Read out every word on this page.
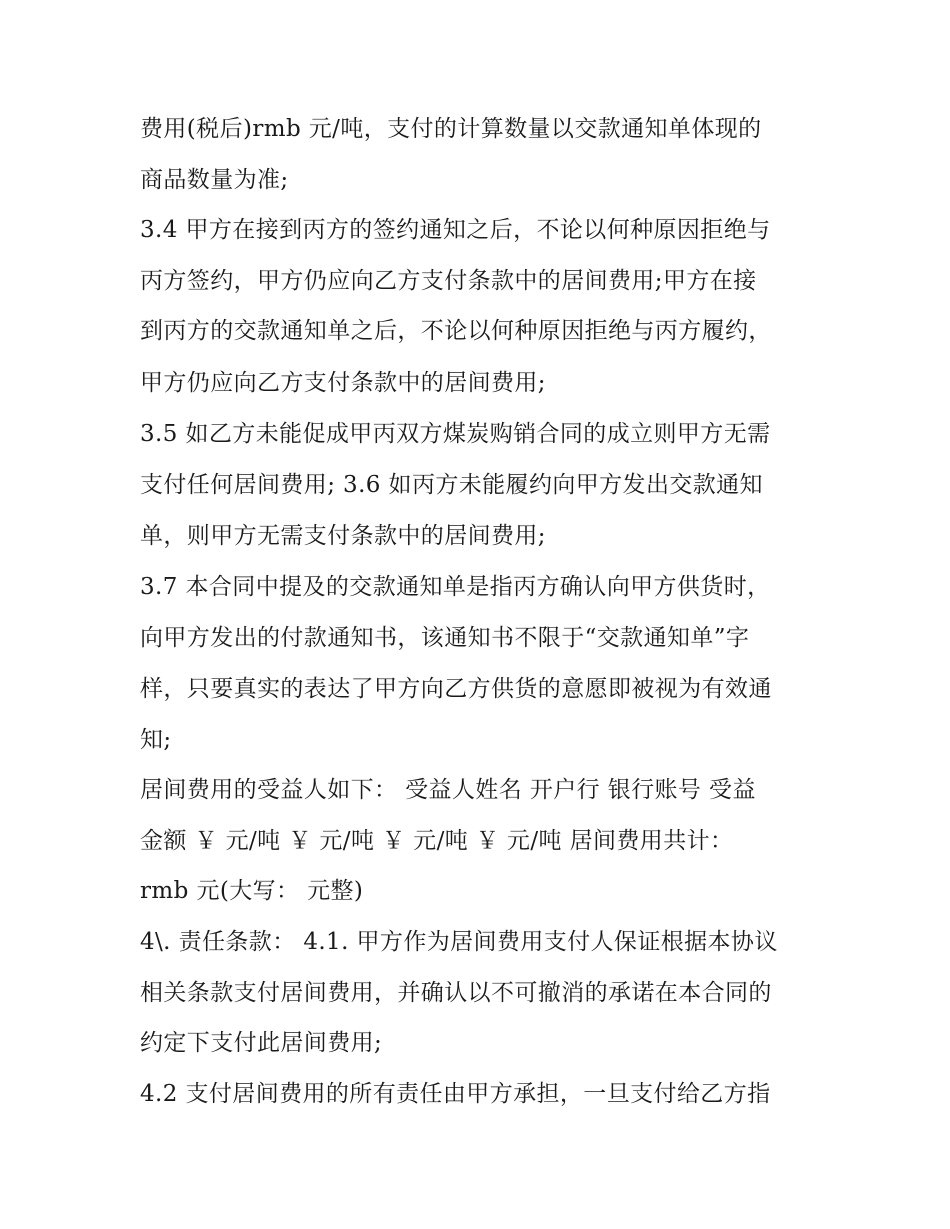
费用(税后)rmb 元/吨，支付的计算数量以交款通知单体现的
商品数量为准;
3.4 甲方在接到丙方的签约通知之后，不论以何种原因拒绝与
丙方签约，甲方仍应向乙方支付条款中的居间费用;甲方在接
到丙方的交款通知单之后，不论以何种原因拒绝与丙方履约，
甲方仍应向乙方支付条款中的居间费用;
3.5 如乙方未能促成甲丙双方煤炭购销合同的成立则甲方无需
支付任何居间费用; 3.6 如丙方未能履约向甲方发出交款通知
单，则甲方无需支付条款中的居间费用;
3.7 本合同中提及的交款通知单是指丙方确认向甲方供货时，
向甲方发出的付款通知书，该通知书不限于“交款通知单”字
样，只要真实的表达了甲方向乙方供货的意愿即被视为有效通
知;
居间费用的受益人如下： 受益人姓名 开户行 银行账号 受益
金额 ￥ 元/吨 ￥ 元/吨 ￥ 元/吨 ￥ 元/吨 居间费用共计：
rmb 元(大写： 元整)
4\. 责任条款： 4.1. 甲方作为居间费用支付人保证根据本协议
相关条款支付居间费用，并确认以不可撤消的承诺在本合同的
约定下支付此居间费用;
4.2 支付居间费用的所有责任由甲方承担，一旦支付给乙方指
